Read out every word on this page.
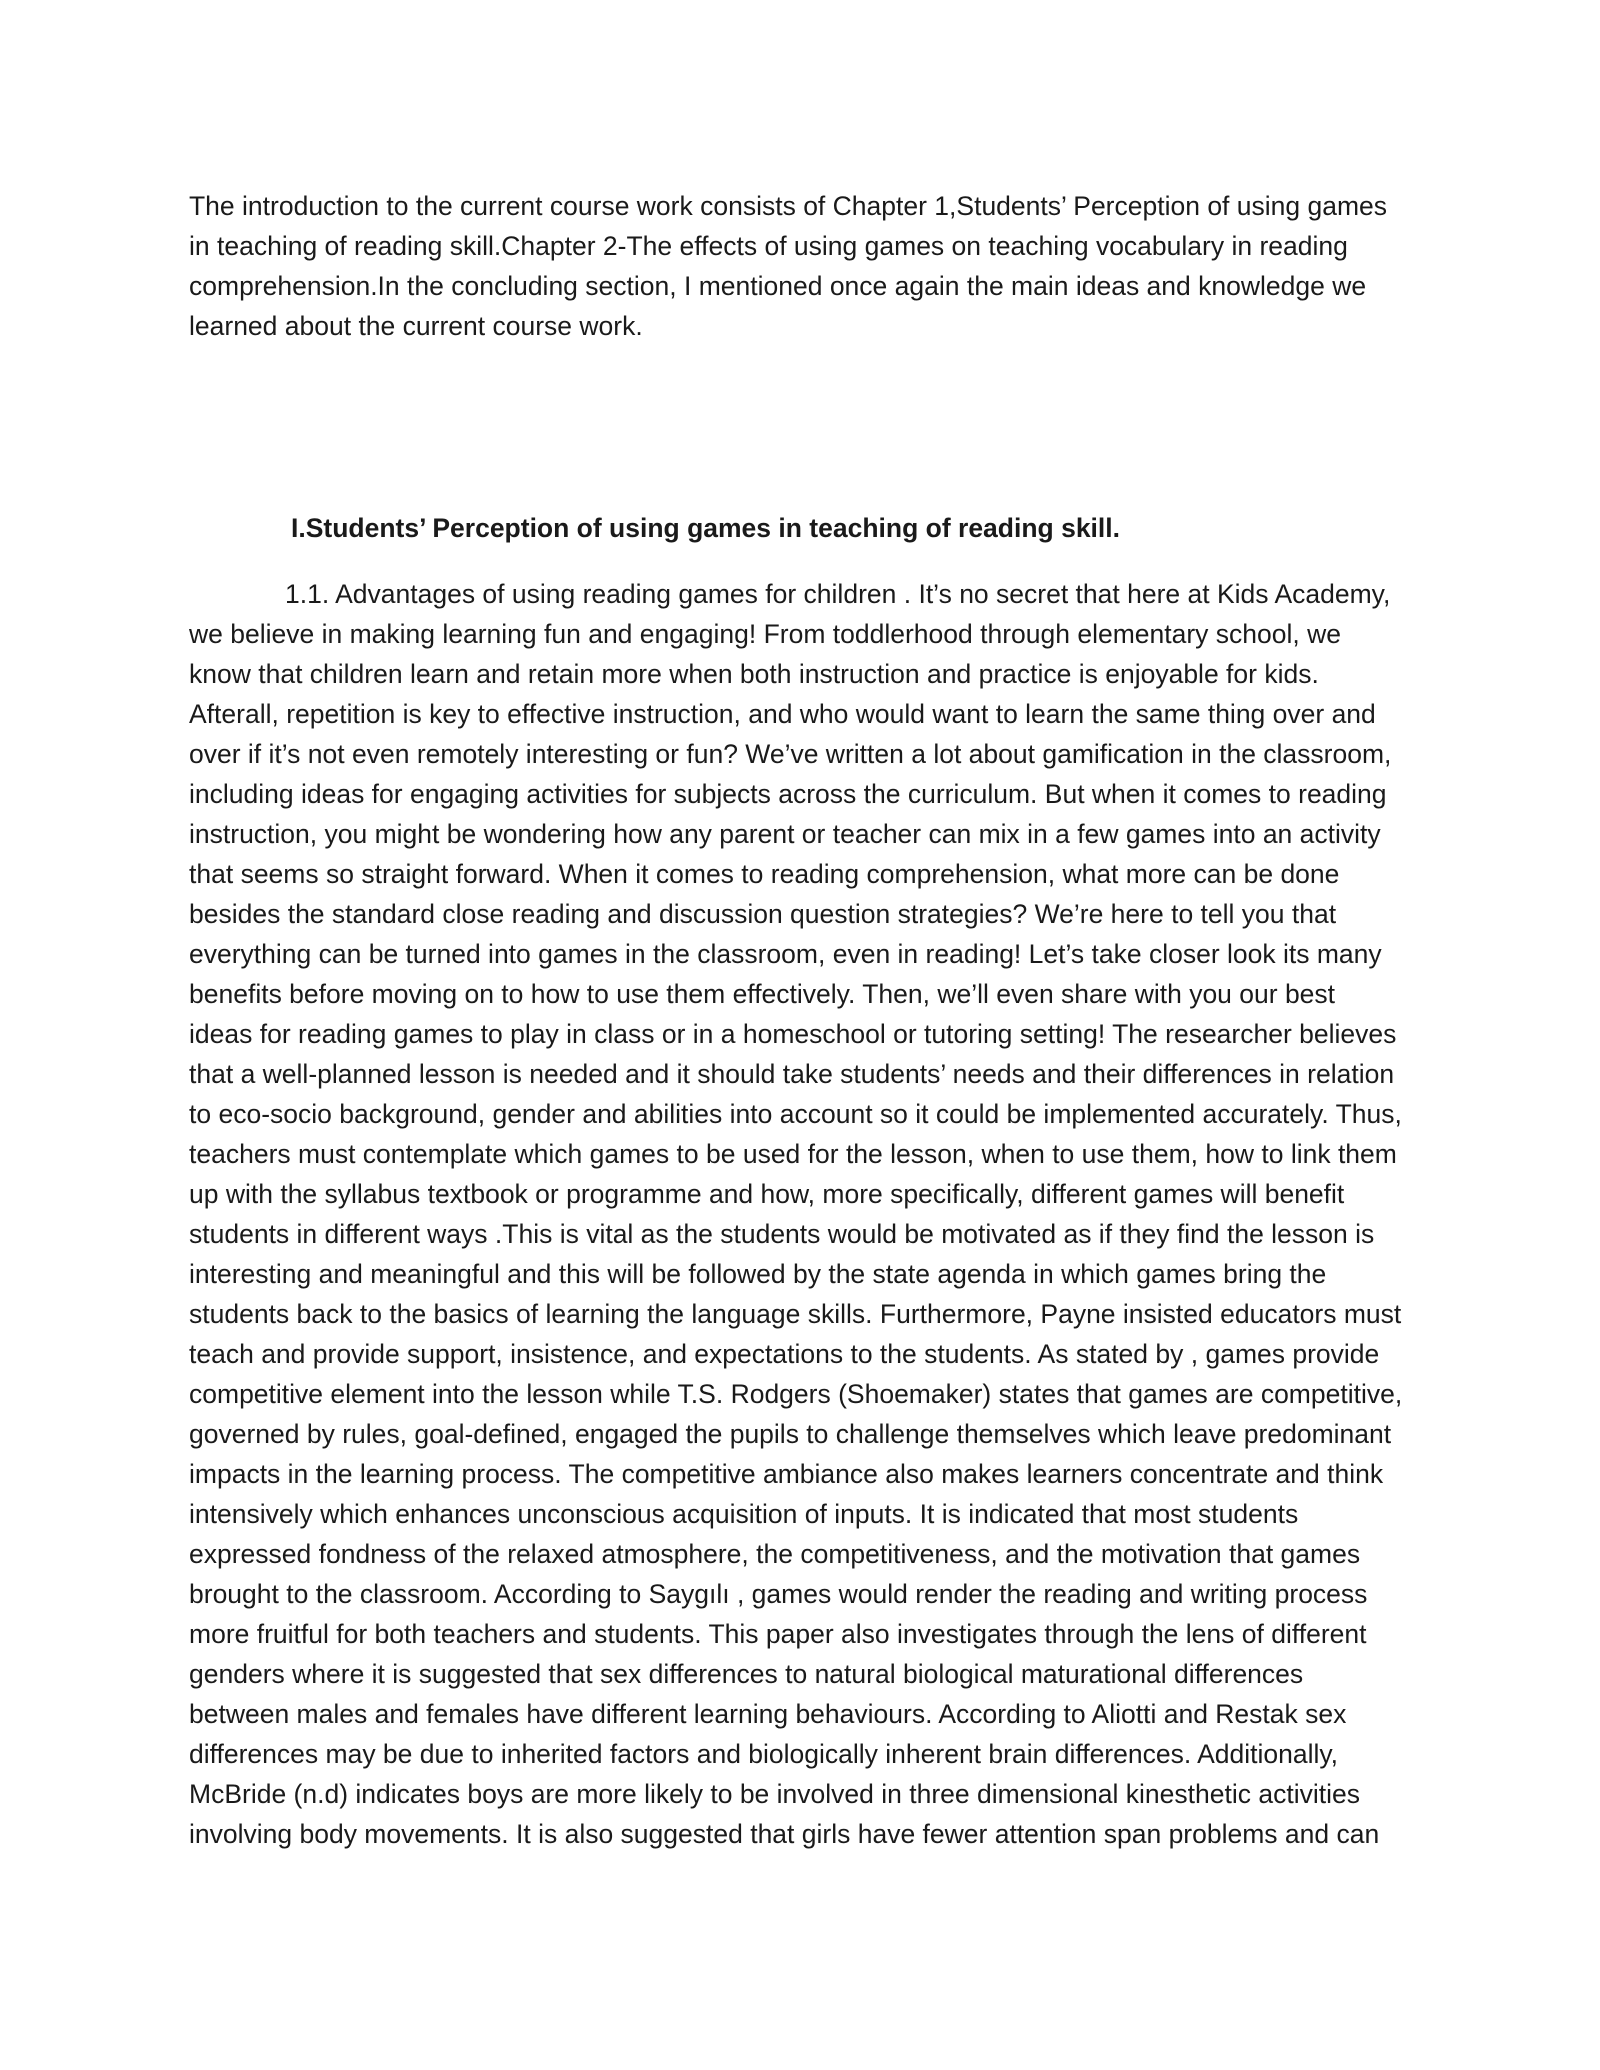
The introduction to the current course work consists of Chapter 1,Students’ Perception of using games
in teaching of reading skill.Chapter 2-The effects of using games on teaching vocabulary in reading
comprehension.In the concluding section, I mentioned once again the main ideas and knowledge we
learned about the current course work.
I.Students’ Perception of using games in teaching of reading skill.
1.1. Advantages of using reading games for children . It’s no secret that here at Kids Academy,
we believe in making learning fun and engaging! From toddlerhood through elementary school, we
know that children learn and retain more when both instruction and practice is enjoyable for kids.
Afterall, repetition is key to effective instruction, and who would want to learn the same thing over and
over if it’s not even remotely interesting or fun? We’ve written a lot about gamification in the classroom,
including ideas for engaging activities for subjects across the curriculum. But when it comes to reading
instruction, you might be wondering how any parent or teacher can mix in a few games into an activity
that seems so straight forward. When it comes to reading comprehension, what more can be done
besides the standard close reading and discussion question strategies? We’re here to tell you that
everything can be turned into games in the classroom, even in reading! Let’s take closer look its many
benefits before moving on to how to use them effectively. Then, we’ll even share with you our best
ideas for reading games to play in class or in a homeschool or tutoring setting! The researcher believes
that a well-planned lesson is needed and it should take students’ needs and their differences in relation
to eco-socio background, gender and abilities into account so it could be implemented accurately. Thus,
teachers must contemplate which games to be used for the lesson, when to use them, how to link them
up with the syllabus textbook or programme and how, more specifically, different games will benefit
students in different ways .This is vital as the students would be motivated as if they find the lesson is
interesting and meaningful and this will be followed by the state agenda in which games bring the
students back to the basics of learning the language skills. Furthermore, Payne insisted educators must
teach and provide support, insistence, and expectations to the students. As stated by , games provide
competitive element into the lesson while T.S. Rodgers (Shoemaker) states that games are competitive,
governed by rules, goal-defined, engaged the pupils to challenge themselves which leave predominant
impacts in the learning process. The competitive ambiance also makes learners concentrate and think
intensively which enhances unconscious acquisition of inputs. It is indicated that most students
expressed fondness of the relaxed atmosphere, the competitiveness, and the motivation that games
brought to the classroom. According to Saygılı , games would render the reading and writing process
more fruitful for both teachers and students. This paper also investigates through the lens of different
genders where it is suggested that sex differences to natural biological maturational differences
between males and females have different learning behaviours. According to Aliotti and Restak sex
differences may be due to inherited factors and biologically inherent brain differences. Additionally,
McBride (n.d) indicates boys are more likely to be involved in three dimensional kinesthetic activities
involving body movements. It is also suggested that girls have fewer attention span problems and can
